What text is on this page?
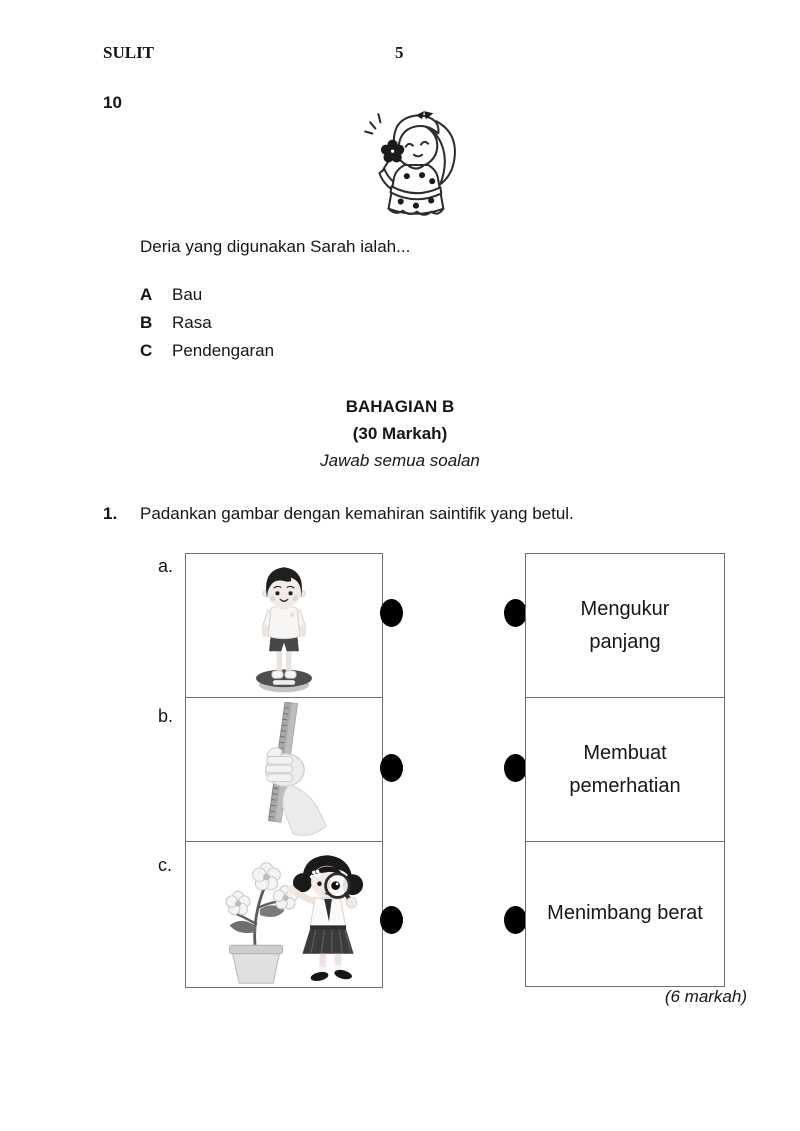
SULIT	5
10
Deria yang digunakan Sarah ialah...
A Bau
B Rasa
C Pendengaran
BAHAGIAN B
(30 Markah)
Jawab semua soalan
1. Padankan gambar dengan kemahiran saintifik yang betul.
a.
b.
c.
Mengukur
panjang
Membuat
pemerhatian
Menimbang berat
(6 markah)
